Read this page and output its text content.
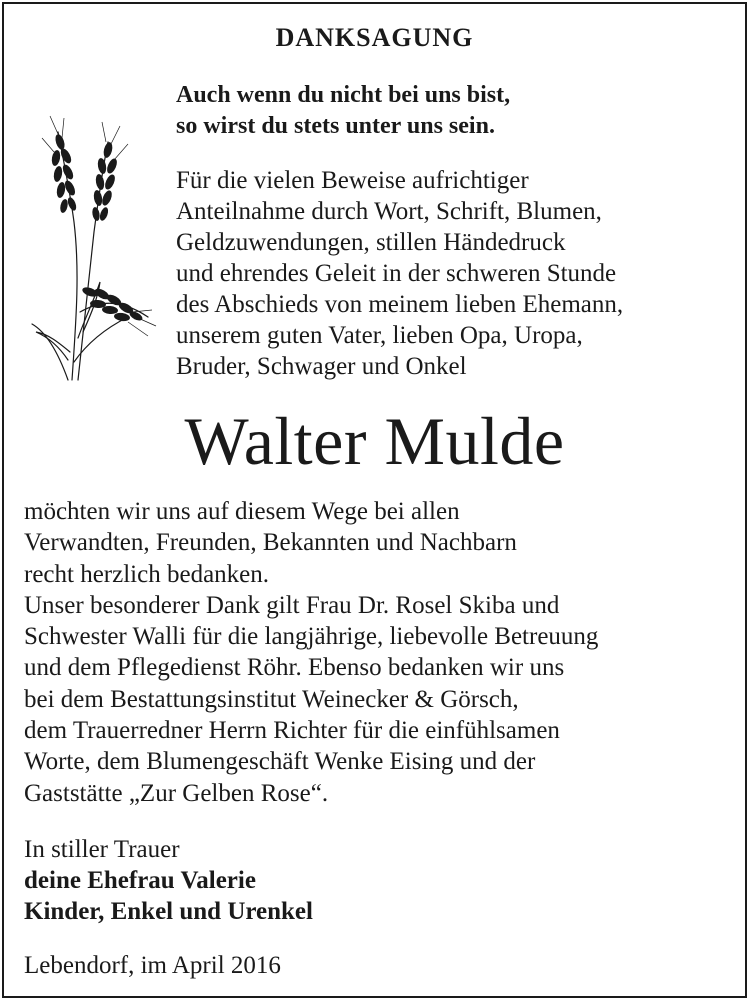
DANKSAGUNG
Auch wenn du nicht bei uns bist,
so wirst du stets unter uns sein.
Für die vielen Beweise aufrichtiger
Anteilnahme durch Wort, Schrift, Blumen,
Geldzuwendungen, stillen Händedruck
und ehrendes Geleit in der schweren Stunde
des Abschieds von meinem lieben Ehemann,
unserem guten Vater, lieben Opa, Uropa,
Bruder, Schwager und Onkel
Walter Mulde
möchten wir uns auf diesem Wege bei allen
Verwandten, Freunden, Bekannten und Nachbarn
recht herzlich bedanken.
Unser besonderer Dank gilt Frau Dr. Rosel Skiba und
Schwester Walli für die langjährige, liebevolle Betreuung
und dem Pflegedienst Röhr. Ebenso bedanken wir uns
bei dem Bestattungsinstitut Weinecker & Görsch,
dem Trauerredner Herrn Richter für die einfühlsamen
Worte, dem Blumengeschäft Wenke Eising und der
Gaststätte „Zur Gelben Rose“.
In stiller Trauer
deine Ehefrau Valerie
Kinder, Enkel und Urenkel
Lebendorf, im April 2016
